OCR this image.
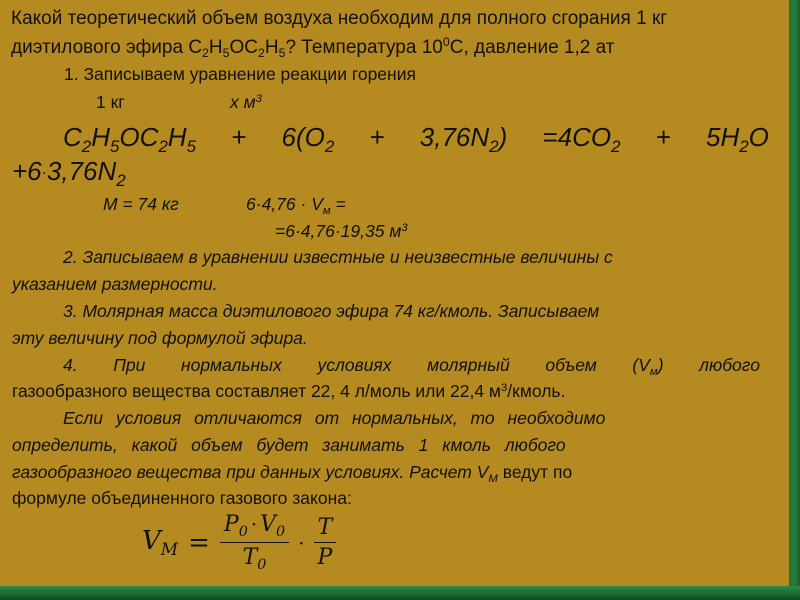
Какой теоретический объем воздуха необходим для полного сгорания 1 кг
диэтилового эфира $С_2H_5OC_2H_5$? Температура $10^0С$, давление 1,2 ат
1. Записываем уравнение реакции горения
1 кг	х $м^3$
$C_2H_5OC_2H_5 + 6(O_2 + 3,76N_2) =4CO_2 + 5H_2O$
$+6\cdot 3,76N_2$
М = 74 кг	$6\cdot 4,76 \cdot V_м$ =
=6·4,76·19,35 $м^3$
2. Записываем в уравнении известные и неизвестные величины с
указанием размерности.
3. Молярная масса диэтилового эфира 74 кг/кмоль. Записываем
эту величину под формулой эфира.
4. При нормальных условиях молярный объем $(V_м)$ любого
газообразного вещества составляет 22, 4 л/моль или 22,4 $м^3$/кмоль.
Если условия отличаются от нормальных, то необходимо
определить, какой объем будет занимать 1 кмоль любого
газообразного вещества при данных условиях. Расчет $V_М$ ведут по
формуле объединенного газового закона:
$V_M = \frac{P_0 \cdot V_0}{T_0} \cdot \frac{T}{P}$
